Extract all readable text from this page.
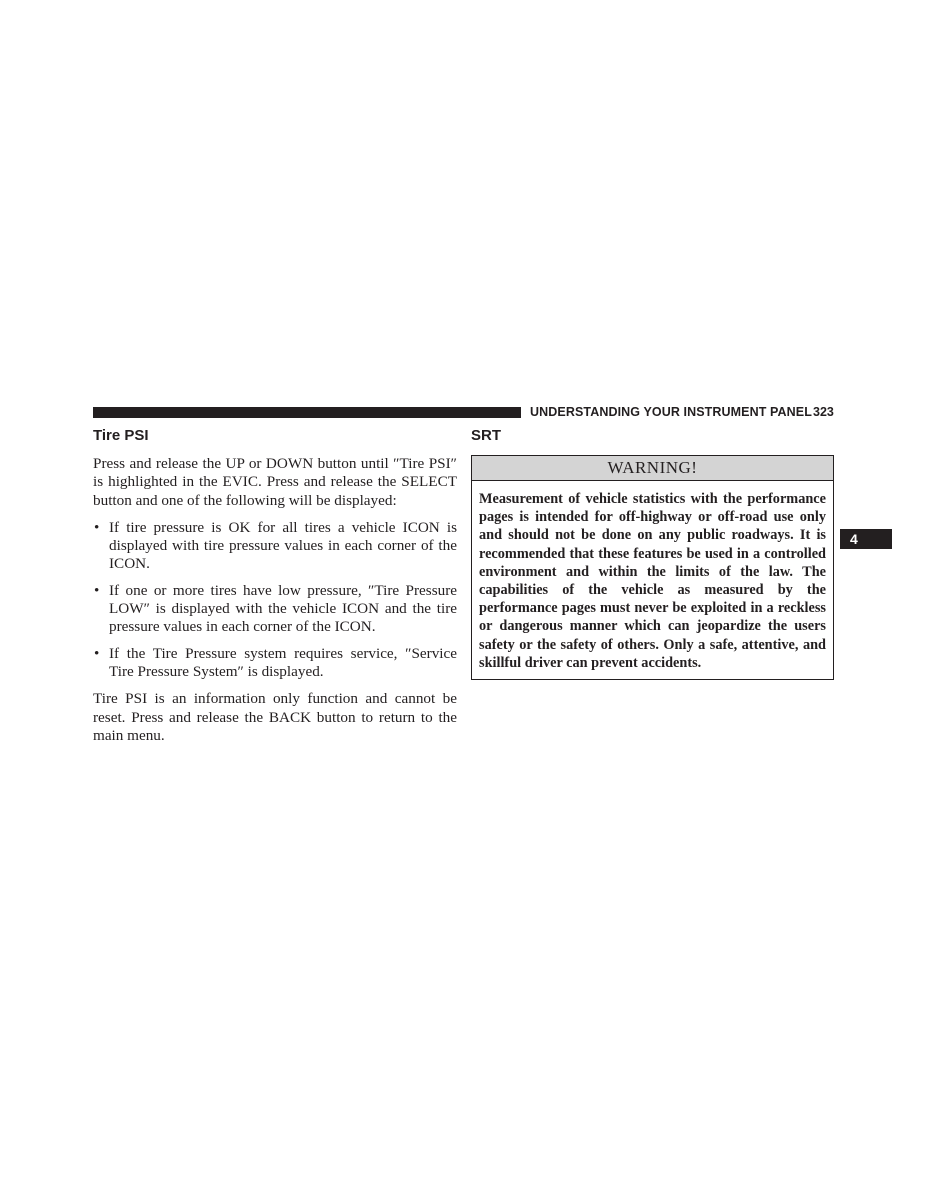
UNDERSTANDING YOUR INSTRUMENT PANEL 323
4
Tire PSI

Press and release the UP or DOWN button until ″Tire PSI″ is highlighted in the EVIC. Press and release the SELECT button and one of the following will be displayed:

• If tire pressure is OK for all tires a vehicle ICON is displayed with tire pressure values in each corner of the ICON.
• If one or more tires have low pressure, ″Tire Pressure LOW″ is displayed with the vehicle ICON and the tire pressure values in each corner of the ICON.
• If the Tire Pressure system requires service, ″Service Tire Pressure System″ is displayed.

Tire PSI is an information only function and cannot be reset. Press and release the BACK button to return to the main menu.

SRT
WARNING!
Measurement of vehicle statistics with the performance pages is intended for off-highway or off-road use only and should not be done on any public roadways. It is recommended that these features be used in a controlled environment and within the limits of the law. The capabilities of the vehicle as measured by the performance pages must never be exploited in a reckless or dangerous manner which can jeopardize the users safety or the safety of others. Only a safe, attentive, and skillful driver can prevent accidents.
